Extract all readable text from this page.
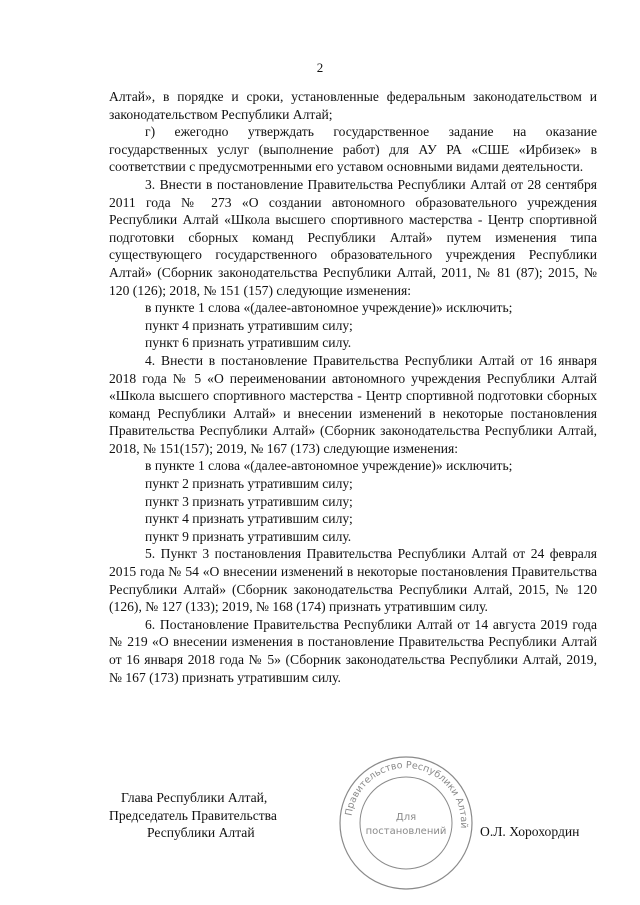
2

Алтай», в порядке и сроки, установленные федеральным законодательством и законодательством Республики Алтай;

г) ежегодно утверждать государственное задание на оказание государственных услуг (выполнение работ) для АУ РА «СШЕ «Ирбизек» в соответствии с предусмотренными его уставом основными видами деятельности.

3. Внести в постановление Правительства Республики Алтай от 28 сентября 2011 года № 273 «О создании автономного образовательного учреждения Республики Алтай «Школа высшего спортивного мастерства - Центр спортивной подготовки сборных команд Республики Алтай» путем изменения типа существующего государственного образовательного учреждения Республики Алтай» (Сборник законодательства Республики Алтай, 2011, № 81 (87); 2015, № 120 (126); 2018, № 151 (157) следующие изменения:

в пункте 1 слова «(далее-автономное учреждение)» исключить;

пункт 4 признать утратившим силу;

пункт 6 признать утратившим силу.

4. Внести в постановление Правительства Республики Алтай от 16 января 2018 года № 5 «О переименовании автономного учреждения Республики Алтай «Школа высшего спортивного мастерства - Центр спортивной подготовки сборных команд Республики Алтай» и внесении изменений в некоторые постановления Правительства Республики Алтай» (Сборник законодательства Республики Алтай, 2018, № 151(157); 2019, № 167 (173) следующие изменения:

в пункте 1 слова «(далее-автономное учреждение)» исключить;

пункт 2 признать утратившим силу;

пункт 3 признать утратившим силу;

пункт 4 признать утратившим силу;

пункт 9 признать утратившим силу.

5. Пункт 3 постановления Правительства Республики Алтай от 24 февраля 2015 года № 54 «О внесении изменений в некоторые постановления Правительства Республики Алтай» (Сборник законодательства Республики Алтай, 2015, № 120 (126), № 127 (133); 2019, № 168 (174) признать утратившим силу.

6. Постановление Правительства Республики Алтай от 14 августа 2019 года № 219 «О внесении изменения в постановление Правительства Республики Алтай от 16 января 2018 года № 5» (Сборник законодательства Республики Алтай, 2019, № 167 (173) признать утратившим силу.

Глава Республики Алтай,
Председатель Правительства
Республики Алтай
Правительство Республики Алтай
Для
постановлений О.Л. Хорохордин
